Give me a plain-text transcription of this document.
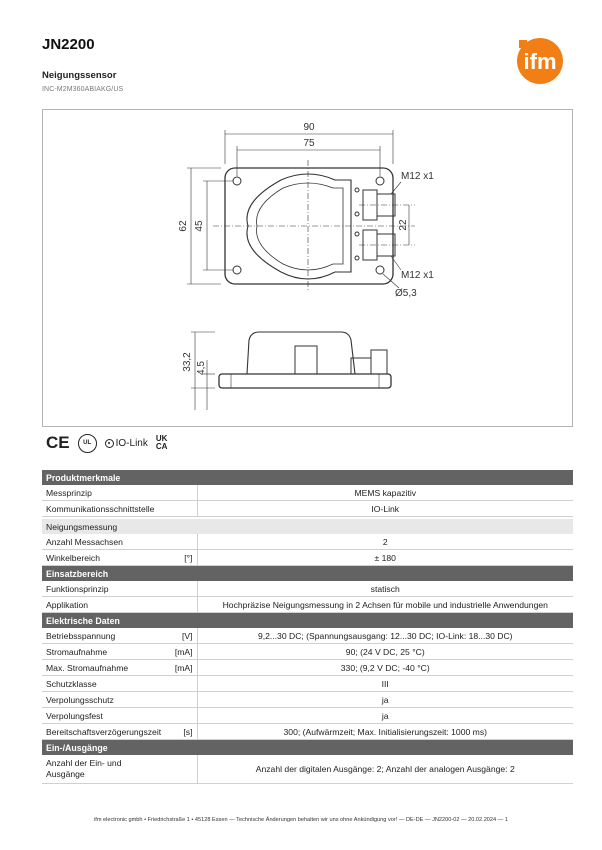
JN2200
Neigungssensor
INC-M2M360ABIAKG/US
ifm
90
75
62 45	22
M12 x1
M12 x1
Ø5,3
33,2 4,5
CE	UL	IO-Link UK
CA
Produktmerkmale	
Messprinzip	MEMS kapazitiv
Kommunikationsschnittstelle	IO-Link

Neigungsmessung	
Anzahl Messachsen	2
Winkelbereich [°]	± 180
Einsatzbereich	
Funktionsprinzip	statisch
Applikation	Hochpräzise Neigungsmessung in 2 Achsen für mobile und industrielle Anwendungen
Elektrische Daten	
Betriebsspannung [V]	9,2...30 DC; (Spannungsausgang: 12...30 DC; IO-Link: 18...30 DC)
Stromaufnahme [mA]	90; (24 V DC, 25 °C)
Max. Stromaufnahme [mA]	330; (9,2 V DC; -40 °C)
Schutzklasse	III
Verpolungsschutz	ja
Verpolungsfest	ja
Bereitschaftsverzögerungszeit [s]	300; (Aufwärmzeit; Max. Initialisierungszeit: 1000 ms)
Ein-/Ausgänge	
Anzahl der Ein- und
Ausgänge	Anzahl der digitalen Ausgänge: 2; Anzahl der analogen Ausgänge: 2
ifm electronic gmbh • Friedrichstraße 1 • 45128 Essen — Technische Änderungen behalten wir uns ohne Ankündigung vor! — DE-DE — JN2200-02 — 20.02.2024 — 1
